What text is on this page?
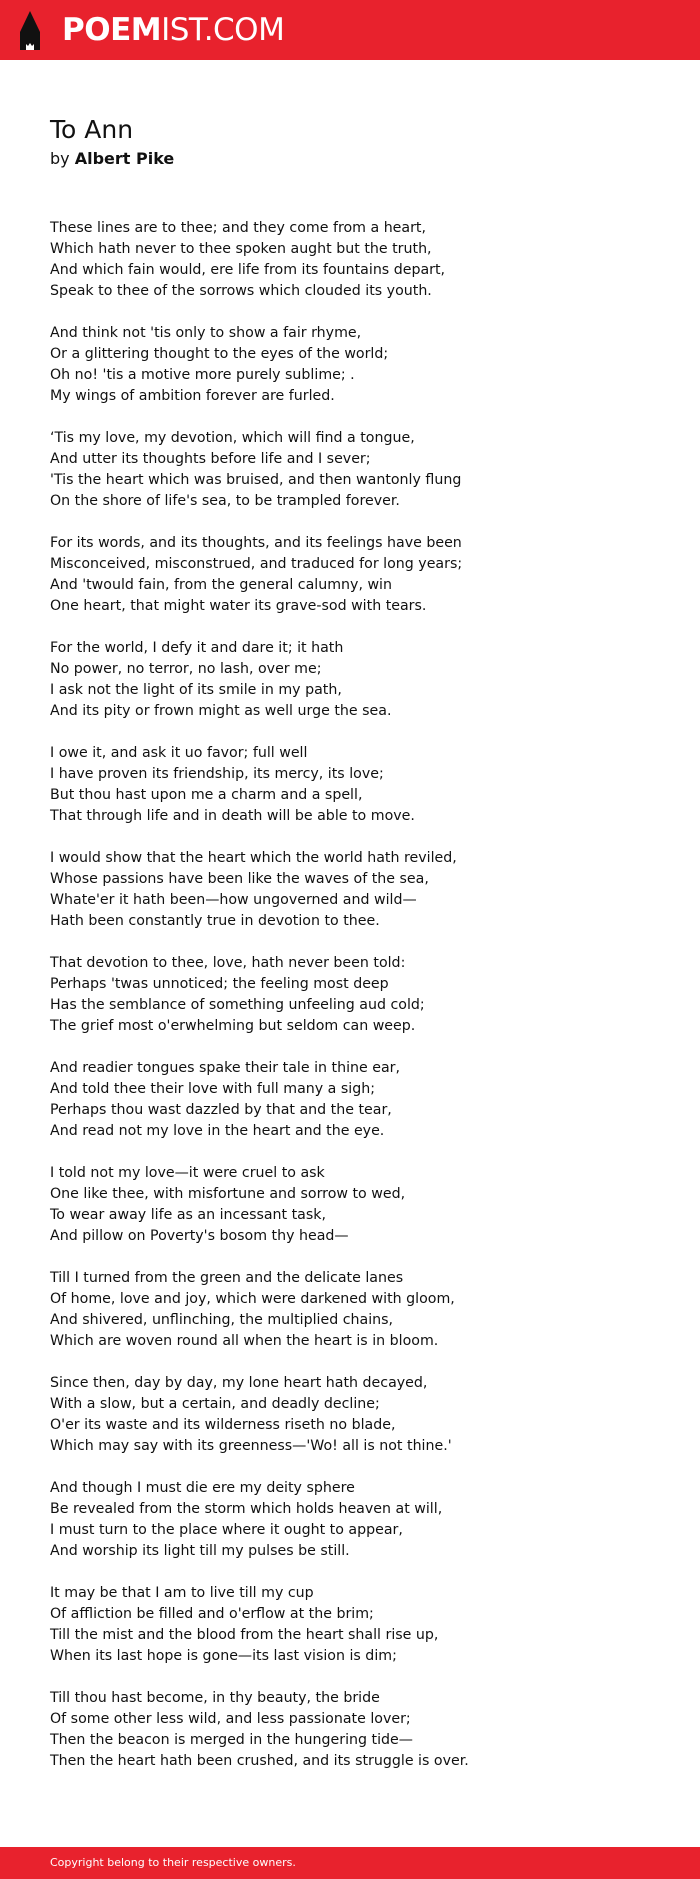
POEMIST.COM
To Ann
by Albert Pike
These lines are to thee; and they come from a heart,
Which hath never to thee spoken aught but the truth,
And which fain would, ere life from its fountains depart,
Speak to thee of the sorrows which clouded its youth.
And think not 'tis only to show a fair rhyme,
Or a glittering thought to the eyes of the world;
Oh no! 'tis a motive more purely sublime; .
My wings of ambition forever are furled.
‘Tis my love, my devotion, which will find a tongue,
And utter its thoughts before life and I sever;
'Tis the heart which was bruised, and then wantonly flung
On the shore of life's sea, to be trampled forever.
For its words, and its thoughts, and its feelings have been
Misconceived, misconstrued, and traduced for long years;
And 'twould fain, from the general calumny, win
One heart, that might water its grave-sod with tears.
For the world, I defy it and dare it; it hath
No power, no terror, no lash, over me;
I ask not the light of its smile in my path,
And its pity or frown might as well urge the sea.
I owe it, and ask it uo favor; full well
I have proven its friendship, its mercy, its love;
But thou hast upon me a charm and a spell,
That through life and in death will be able to move.
I would show that the heart which the world hath reviled,
Whose passions have been like the waves of the sea,
Whate'er it hath been—how ungoverned and wild—
Hath been constantly true in devotion to thee.
That devotion to thee, love, hath never been told:
Perhaps 'twas unnoticed; the feeling most deep
Has the semblance of something unfeeling aud cold;
The grief most o'erwhelming but seldom can weep.
And readier tongues spake their tale in thine ear,
And told thee their love with full many a sigh;
Perhaps thou wast dazzled by that and the tear,
And read not my love in the heart and the eye.
I told not my love—it were cruel to ask
One like thee, with misfortune and sorrow to wed,
To wear away life as an incessant task,
And pillow on Poverty's bosom thy head—
Till I turned from the green and the delicate lanes
Of home, love and joy, which were darkened with gloom,
And shivered, unflinching, the multiplied chains,
Which are woven round all when the heart is in bloom.
Since then, day by day, my lone heart hath decayed,
With a slow, but a certain, and deadly decline;
O'er its waste and its wilderness riseth no blade,
Which may say with its greenness—'Wo! all is not thine.'
And though I must die ere my deity sphere
Be revealed from the storm which holds heaven at will,
I must turn to the place where it ought to appear,
And worship its light till my pulses be still.
It may be that I am to live till my cup
Of affliction be filled and o'erflow at the brim;
Till the mist and the blood from the heart shall rise up,
When its last hope is gone—its last vision is dim;
Till thou hast become, in thy beauty, the bride
Of some other less wild, and less passionate lover;
Then the beacon is merged in the hungering tide—
Then the heart hath been crushed, and its struggle is over.
Copyright belong to their respective owners.
